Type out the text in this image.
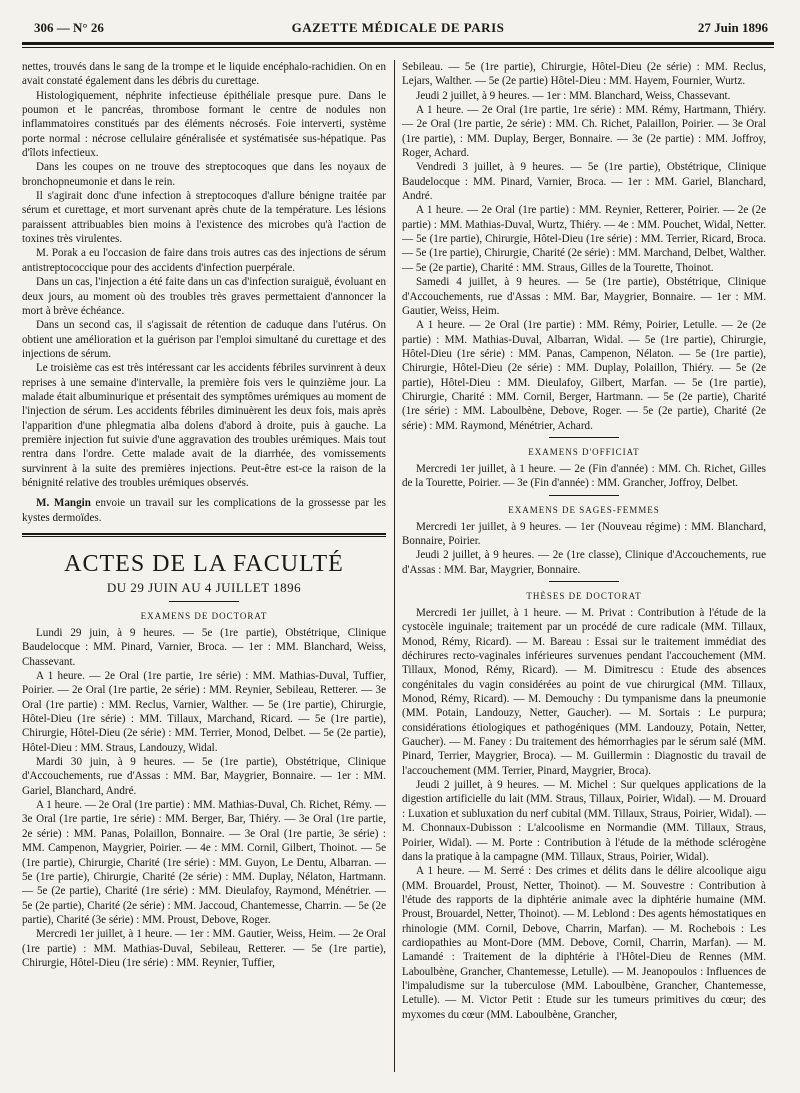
306 — N° 26	GAZETTE MÉDICALE DE PARIS	27 Juin 1896

nettes, trouvés dans le sang de la trompe et le liquide encéphalo-rachidien. On en avait constaté également dans les débris du curettage.

Histologiquement, néphrite infectieuse épithéliale presque pure. Dans le poumon et le pancréas, thrombose formant le centre de nodules non inflammatoires constitués par des éléments nécrosés. Foie interverti, système porte normal : nécrose cellulaire généralisée et systématisée sus-hépatique. Pas d'îlots infectieux.

Dans les coupes on ne trouve des streptocoques que dans les noyaux de bronchopneumonie et dans le rein.

Il s'agirait donc d'une infection à streptocoques d'allure bénigne traitée par sérum et curettage, et mort survenant après chute de la température. Les lésions paraissent attribuables bien moins à l'existence des microbes qu'à l'action de toxines très virulentes.

M. Porak a eu l'occasion de faire dans trois autres cas des injections de sérum antistreptococcique pour des accidents d'infection puerpérale.

Dans un cas, l'injection a été faite dans un cas d'infection suraiguë, évoluant en deux jours, au moment où des troubles très graves permettaient d'annoncer la mort à brève échéance.

Dans un second cas, il s'agissait de rétention de caduque dans l'utérus. On obtient une amélioration et la guérison par l'emploi simultané du curettage et des injections de sérum.

Le troisième cas est très intéressant car les accidents fébriles survinrent à deux reprises à une semaine d'intervalle, la première fois vers le quinzième jour. La malade était albuminurique et présentait des symptômes urémiques au moment de l'injection de sérum. Les accidents fébriles diminuèrent les deux fois, mais après l'apparition d'une phlegmatia alba dolens d'abord à droite, puis à gauche. La première injection fut suivie d'une aggravation des troubles urémiques. Mais tout rentra dans l'ordre. Cette malade avait de la diarrhée, des vomissements survinrent à la suite des premières injections. Peut-être est-ce la raison de la bénignité relative des troubles urémiques observés.

M. Mangin envoie un travail sur les complications de la grossesse par les kystes dermoïdes.

ACTES DE LA FACULTÉ
DU 29 JUIN AU 4 JUILLET 1896
EXAMENS DE DOCTORAT

Lundi 29 juin, à 9 heures. — 5e (1re partie), Obstétrique, Clinique Baudelocque : MM. Pinard, Varnier, Broca. — 1er : MM. Blanchard, Weiss, Chassevant.

A 1 heure. — 2e Oral (1re partie, 1re série) : MM. Mathias-Duval, Tuffier, Poirier. — 2e Oral (1re partie, 2e série) : MM. Reynier, Sebileau, Retterer. — 3e Oral (1re partie) : MM. Reclus, Varnier, Walther. — 5e (1re partie), Chirurgie, Hôtel-Dieu (1re série) : MM. Tillaux, Marchand, Ricard. — 5e (1re partie), Chirurgie, Hôtel-Dieu (2e série) : MM. Terrier, Monod, Delbet. — 5e (2e partie), Hôtel-Dieu : MM. Straus, Landouzy, Widal.

Mardi 30 juin, à 9 heures. — 5e (1re partie), Obstétrique, Clinique d'Accouchements, rue d'Assas : MM. Bar, Maygrier, Bonnaire. — 1er : MM. Gariel, Blanchard, André.

A 1 heure. — 2e Oral (1re partie) : MM. Mathias-Duval, Ch. Richet, Rémy. — 3e Oral (1re partie, 1re série) : MM. Berger, Bar, Thiéry. — 3e Oral (1re partie, 2e série) : MM. Panas, Polaillon, Bonnaire. — 3e Oral (1re partie, 3e série) : MM. Campenon, Maygrier, Poirier. — 4e : MM. Cornil, Gilbert, Thoinot. — 5e (1re partie), Chirurgie, Charité (1re série) : MM. Guyon, Le Dentu, Albarran. — 5e (1re partie), Chirurgie, Charité (2e série) : MM. Duplay, Nélaton, Hartmann. — 5e (2e partie), Charité (1re série) : MM. Dieulafoy, Raymond, Ménétrier. — 5e (2e partie), Charité (2e série) : MM. Jaccoud, Chantemesse, Charrin. — 5e (2e partie), Charité (3e série) : MM. Proust, Debove, Roger.

Mercredi 1er juillet, à 1 heure. — 1er : MM. Gautier, Weiss, Heim. — 2e Oral (1re partie) : MM. Mathias-Duval, Sebileau, Retterer. — 5e (1re partie), Chirurgie, Hôtel-Dieu (1re série) : MM. Reynier, Tuffier,

Sebileau. — 5e (1re partie), Chirurgie, Hôtel-Dieu (2e série) : MM. Reclus, Lejars, Walther. — 5e (2e partie) Hôtel-Dieu : MM. Hayem, Fournier, Wurtz.

Jeudi 2 juillet, à 9 heures. — 1er : MM. Blanchard, Weiss, Chassevant.

A 1 heure. — 2e Oral (1re partie, 1re série) : MM. Rémy, Hartmann, Thiéry. — 2e Oral (1re partie, 2e série) : MM. Ch. Richet, Palaillon, Poirier. — 3e Oral (1re partie), : MM. Duplay, Berger, Bonnaire. — 3e (2e partie) : MM. Joffroy, Roger, Achard.

Vendredi 3 juillet, à 9 heures. — 5e (1re partie), Obstétrique, Clinique Baudelocque : MM. Pinard, Varnier, Broca. — 1er : MM. Gariel, Blanchard, André.

A 1 heure. — 2e Oral (1re partie) : MM. Reynier, Retterer, Poirier. — 2e (2e partie) : MM. Mathias-Duval, Wurtz, Thiéry. — 4e : MM. Pouchet, Widal, Netter. — 5e (1re partie), Chirurgie, Hôtel-Dieu (1re série) : MM. Terrier, Ricard, Broca. — 5e (1re partie), Chirurgie, Charité (2e série) : MM. Marchand, Delbet, Walther. — 5e (2e partie), Charité : MM. Straus, Gilles de la Tourette, Thoinot.

Samedi 4 juillet, à 9 heures. — 5e (1re partie), Obstétrique, Clinique d'Accouchements, rue d'Assas : MM. Bar, Maygrier, Bonnaire. — 1er : MM. Gautier, Weiss, Heim.

A 1 heure. — 2e Oral (1re partie) : MM. Rémy, Poirier, Letulle. — 2e (2e partie) : MM. Mathias-Duval, Albarran, Widal. — 5e (1re partie), Chirurgie, Hôtel-Dieu (1re série) : MM. Panas, Campenon, Nélaton. — 5e (1re partie), Chirurgie, Hôtel-Dieu (2e série) : MM. Duplay, Polaillon, Thiéry. — 5e (2e partie), Hôtel-Dieu : MM. Dieulafoy, Gilbert, Marfan. — 5e (1re partie), Chirurgie, Charité : MM. Cornil, Berger, Hartmann. — 5e (2e partie), Charité (1re série) : MM. Laboulbène, Debove, Roger. — 5e (2e partie), Charité (2e série) : MM. Raymond, Ménétrier, Achard.

EXAMENS D'OFFICIAT

Mercredi 1er juillet, à 1 heure. — 2e (Fin d'année) : MM. Ch. Richet, Gilles de la Tourette, Poirier. — 3e (Fin d'année) : MM. Grancher, Joffroy, Delbet.

EXAMENS DE SAGES-FEMMES

Mercredi 1er juillet, à 9 heures. — 1er (Nouveau régime) : MM. Blanchard, Bonnaire, Poirier.

Jeudi 2 juillet, à 9 heures. — 2e (1re classe), Clinique d'Accouchements, rue d'Assas : MM. Bar, Maygrier, Bonnaire.

THÈSES DE DOCTORAT

Mercredi 1er juillet, à 1 heure. — M. Privat : Contribution à l'étude de la cystocèle inguinale; traitement par un procédé de cure radicale (MM. Tillaux, Monod, Rémy, Ricard). — M. Bareau : Essai sur le traitement immédiat des déchirures recto-vaginales inférieures survenues pendant l'accouchement (MM. Tillaux, Monod, Rémy, Ricard). — M. Dimitrescu : Etude des absences congénitales du vagin considérées au point de vue chirurgical (MM. Tillaux, Monod, Rémy, Ricard). — M. Demouchy : Du tympanisme dans la pneumonie (MM. Potain, Landouzy, Netter, Gaucher). — M. Sortais : Le purpura; considérations étiologiques et pathogéniques (MM. Landouzy, Potain, Netter, Gaucher). — M. Faney : Du traitement des hémorrhagies par le sérum salé (MM. Pinard, Terrier, Maygrier, Broca). — M. Guillermin : Diagnostic du travail de l'accouchement (MM. Terrier, Pinard, Maygrier, Broca).

Jeudi 2 juillet, à 9 heures. — M. Michel : Sur quelques applications de la digestion artificielle du lait (MM. Straus, Tillaux, Poirier, Widal). — M. Drouard : Luxation et subluxation du nerf cubital (MM. Tillaux, Straus, Poirier, Widal). — M. Chonnaux-Dubisson : L'alcoolisme en Normandie (MM. Tillaux, Straus, Poirier, Widal). — M. Porte : Contribution à l'étude de la méthode sclérogène dans la pratique à la campagne (MM. Tillaux, Straus, Poirier, Widal).

A 1 heure. — M. Serré : Des crimes et délits dans le délire alcoolique aigu (MM. Brouardel, Proust, Netter, Thoinot). — M. Souvestre : Contribution à l'étude des rapports de la diphtérie animale avec la diphtérie humaine (MM. Proust, Brouardel, Netter, Thoinot). — M. Leblond : Des agents hémostatiques en rhinologie (MM. Cornil, Debove, Charrin, Marfan). — M. Rochebois : Les cardiopathies au Mont-Dore (MM. Debove, Cornil, Charrin, Marfan). — M. Lamandé : Traitement de la diphtérie à l'Hôtel-Dieu de Rennes (MM. Laboulbène, Grancher, Chantemesse, Letulle). — M. Jeanopoulos : Influences de l'impaludisme sur la tuberculose (MM. Laboulbène, Grancher, Chantemesse, Letulle). — M. Victor Petit : Etude sur les tumeurs primitives du cœur; des myxomes du cœur (MM. Laboulbène, Grancher,
